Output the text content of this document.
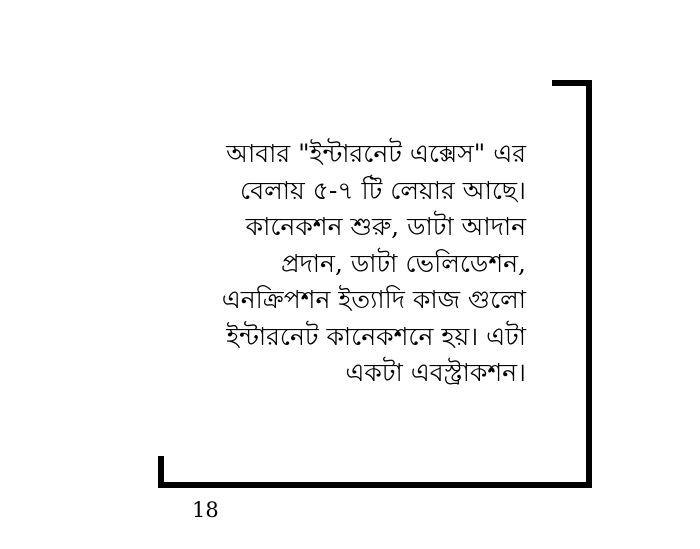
আবার "ইন্টারনেট এক্সেস" এর
বেলায় ৫-৭ টি লেয়ার আছে।
কানেকশন শুরু, ডাটা আদান
প্রদান, ডাটা ভেলিডেশন,
এনক্রিপশন ইত্যাদি কাজ গুলো
ইন্টারনেট কানেকশনে হয়। এটা
একটা এবস্ট্রাকশন।
18
